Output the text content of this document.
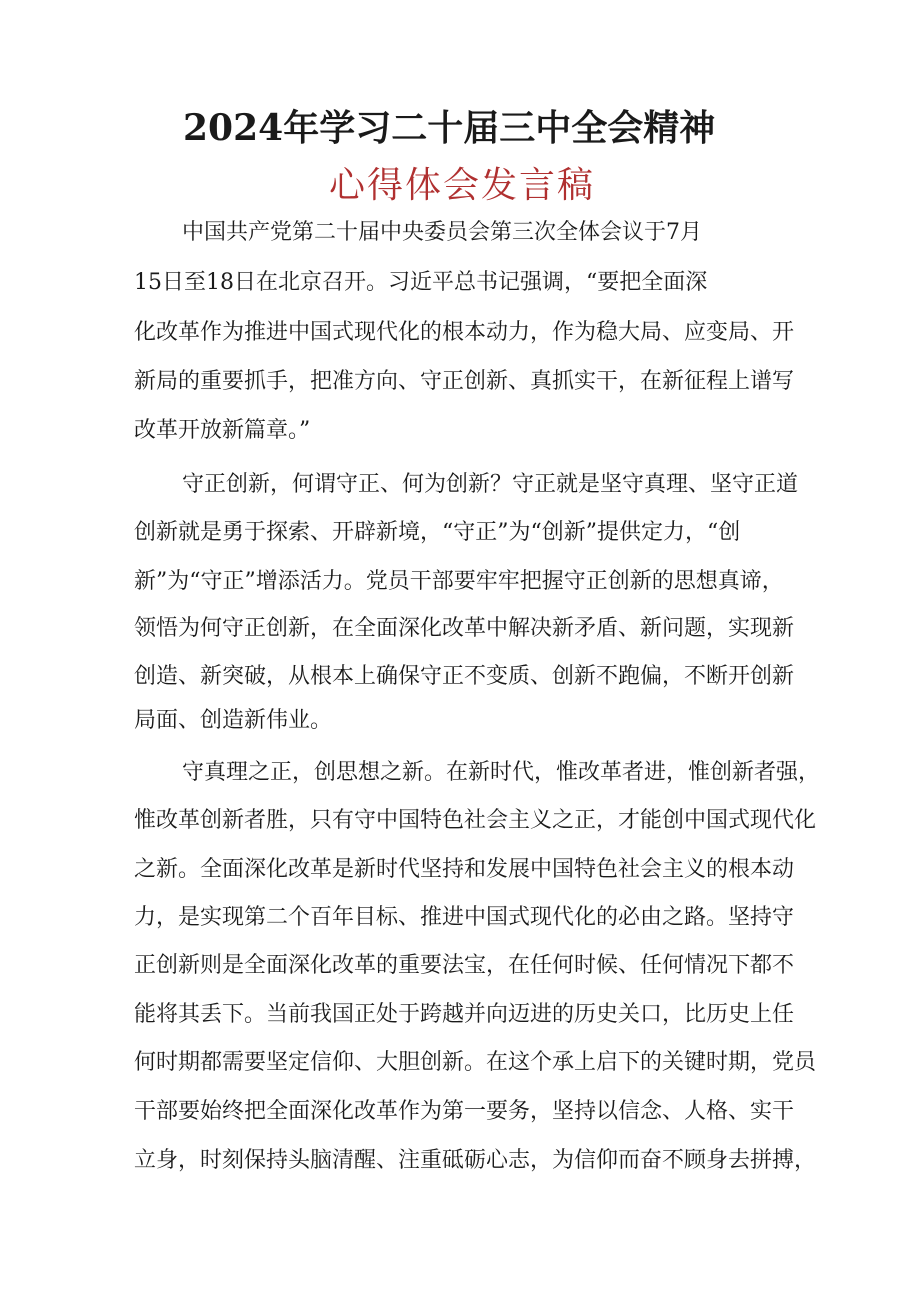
2024年学习二十届三中全会精神
心得体会发言稿
中国共产党第二十届中央委员会第三次全体会议于7月
15日至18日在北京召开。习近平总书记强调，“要把全面深
化改革作为推进中国式现代化的根本动力，作为稳大局、应变局、开
新局的重要抓手，把准方向、守正创新、真抓实干，在新征程上谱写
改革开放新篇章。”
守正创新，何谓守正、何为创新？守正就是坚守真理、坚守正道
创新就是勇于探索、开辟新境，“守正”为“创新”提供定力，“创
新”为“守正”增添活力。党员干部要牢牢把握守正创新的思想真谛，
领悟为何守正创新，在全面深化改革中解决新矛盾、新问题，实现新
创造、新突破，从根本上确保守正不变质、创新不跑偏，不断开创新
局面、创造新伟业。
守真理之正，创思想之新。在新时代，惟改革者进，惟创新者强，
惟改革创新者胜，只有守中国特色社会主义之正，才能创中国式现代化
之新。全面深化改革是新时代坚持和发展中国特色社会主义的根本动
力，是实现第二个百年目标、推进中国式现代化的必由之路。坚持守
正创新则是全面深化改革的重要法宝，在任何时候、任何情况下都不
能将其丢下。当前我国正处于跨越并向迈进的历史关口，比历史上任
何时期都需要坚定信仰、大胆创新。在这个承上启下的关键时期，党员
干部要始终把全面深化改革作为第一要务，坚持以信念、人格、实干
立身，时刻保持头脑清醒、注重砥砺心志，为信仰而奋不顾身去拼搏，
